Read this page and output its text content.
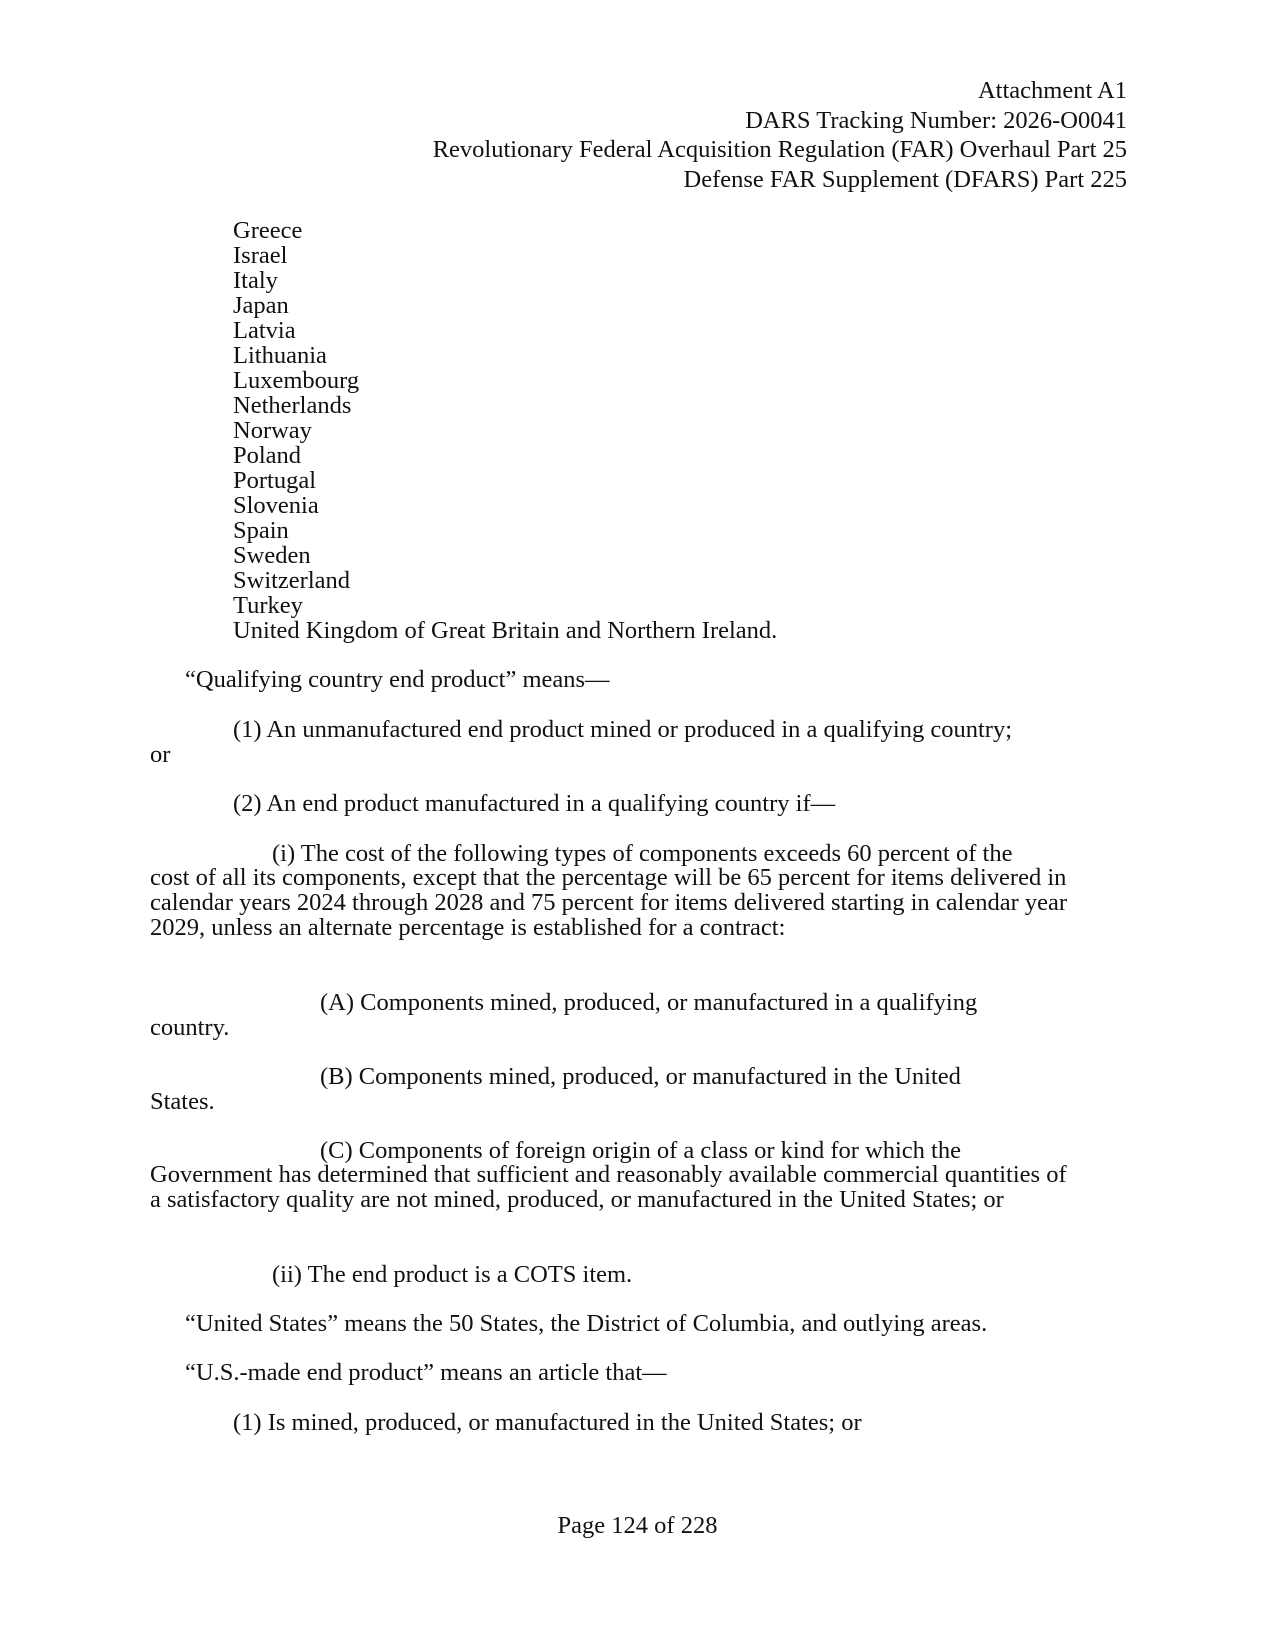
Attachment A1
DARS Tracking Number: 2026-O0041
Revolutionary Federal Acquisition Regulation (FAR) Overhaul Part 25
Defense FAR Supplement (DFARS) Part 225
Greece
Israel
Italy
Japan
Latvia
Lithuania
Luxembourg
Netherlands
Norway
Poland
Portugal
Slovenia
Spain
Sweden
Switzerland
Turkey
United Kingdom of Great Britain and Northern Ireland.
“Qualifying country end product” means—
(1) An unmanufactured end product mined or produced in a qualifying country;
or
(2) An end product manufactured in a qualifying country if—
(i) The cost of the following types of components exceeds 60 percent of the
cost of all its components, except that the percentage will be 65 percent for items delivered in calendar years 2024 through 2028 and 75 percent for items delivered starting in calendar year 2029, unless an alternate percentage is established for a contract:
(A) Components mined, produced, or manufactured in a qualifying
country.
(B) Components mined, produced, or manufactured in the United
States.
(C) Components of foreign origin of a class or kind for which the
Government has determined that sufficient and reasonably available commercial quantities of a satisfactory quality are not mined, produced, or manufactured in the United States; or
(ii) The end product is a COTS item.
“United States” means the 50 States, the District of Columbia, and outlying areas.
“U.S.-made end product” means an article that—
(1) Is mined, produced, or manufactured in the United States; or
Page 124 of 228
